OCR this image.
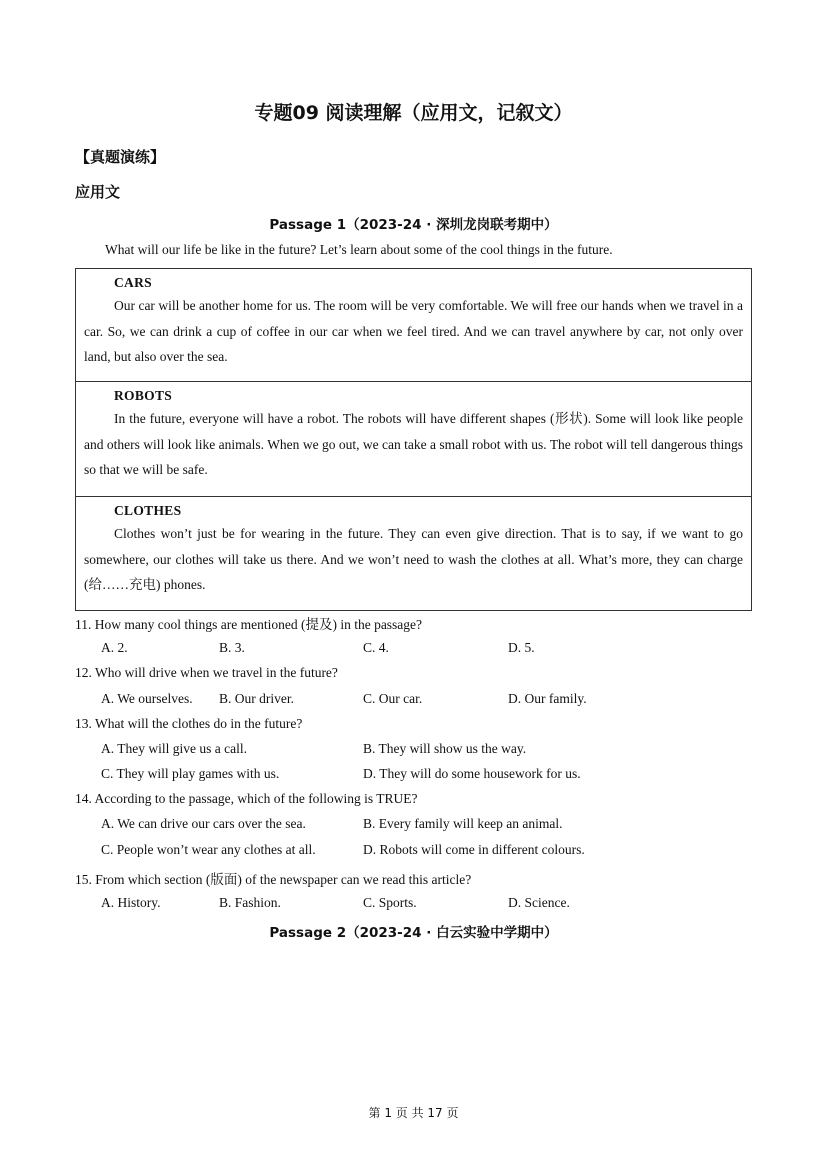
专题09 阅读理解（应用文，记叙文）
【真题演练】
应用文
Passage 1（2023-24 · 深圳龙岗联考期中）
What will our life be like in the future? Let’s learn about some of the cool things in the future.
CARS
Our car will be another home for us. The room will be very comfortable. We will free our hands when we travel in a car. So, we can drink a cup of coffee in our car when we feel tired. And we can travel anywhere by car, not only over land, but also over the sea.
ROBOTS
In the future, everyone will have a robot. The robots will have different shapes (形状). Some will look like people and others will look like animals. When we go out, we can take a small robot with us. The robot will tell dangerous things so that we will be safe.
CLOTHES
Clothes won’t just be for wearing in the future. They can even give direction. That is to say, if we want to go somewhere, our clothes will take us there. And we won’t need to wash the clothes at all. What’s more, they can charge (给……充电) phones.
11. How many cool things are mentioned (提及) in the passage?
A. 2.	B. 3.	C. 4.	D. 5.
12. Who will drive when we travel in the future?
A. We ourselves. B. Our driver.	C. Our car.	D. Our family.
13. What will the clothes do in the future?
A. They will give us a call.	B. They will show us the way.
C. They will play games with us.	D. They will do some housework for us.
14. According to the passage, which of the following is TRUE?
A. We can drive our cars over the sea.	B. Every family will keep an animal.
C. People won’t wear any clothes at all.	D. Robots will come in different colours.
15. From which section (版面) of the newspaper can we read this article?
A. History.	B. Fashion.	C. Sports.	D. Science.
Passage 2（2023-24 · 白云实验中学期中）
第 1 页 共 17 页
